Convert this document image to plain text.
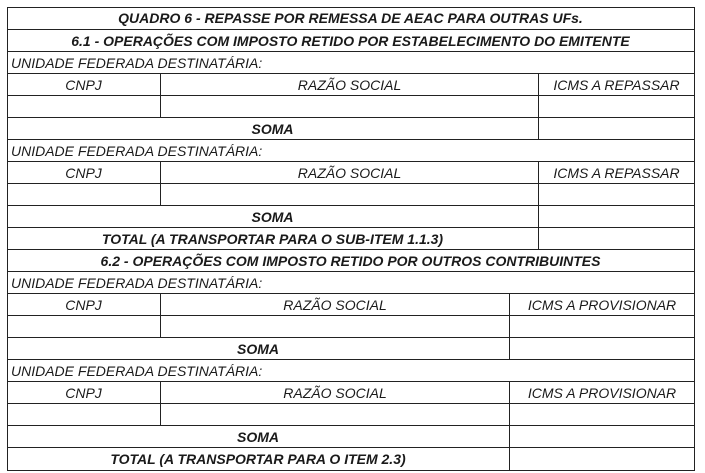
QUADRO 6 - REPASSE POR REMESSA DE AEAC PARA OUTRAS UFs.
6.1 - OPERAÇÕES COM IMPOSTO RETIDO POR ESTABELECIMENTO DO EMITENTE
UNIDADE FEDERADA DESTINATÁRIA:
CNPJ	RAZÃO SOCIAL	ICMS A REPASSAR
SOMA
UNIDADE FEDERADA DESTINATÁRIA:
CNPJ	RAZÃO SOCIAL	ICMS A REPASSAR
SOMA
TOTAL (A TRANSPORTAR PARA O SUB-ITEM 1.1.3)
6.2 - OPERAÇÕES COM IMPOSTO RETIDO POR OUTROS CONTRIBUINTES
UNIDADE FEDERADA DESTINATÁRIA:
CNPJ	RAZÃO SOCIAL	ICMS A PROVISIONAR
SOMA
UNIDADE FEDERADA DESTINATÁRIA:
CNPJ	RAZÃO SOCIAL	ICMS A PROVISIONAR
SOMA
TOTAL (A TRANSPORTAR PARA O ITEM 2.3)
